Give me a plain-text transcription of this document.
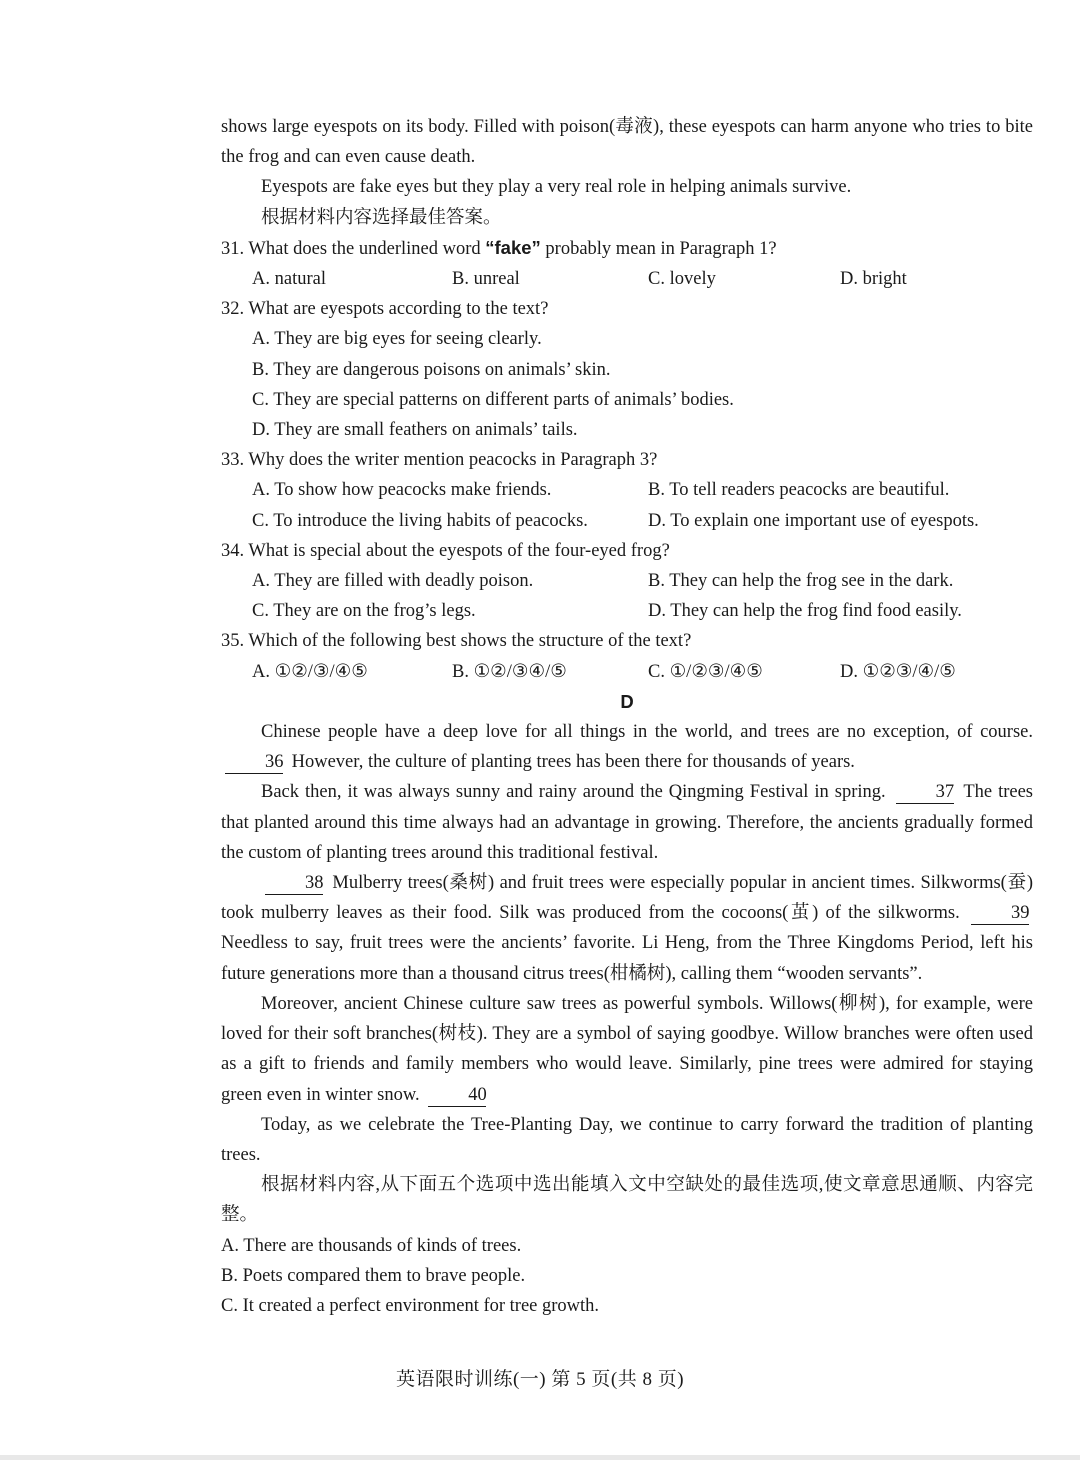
shows large eyespots on its body. Filled with poison(毒液), these eyespots can harm anyone who tries to bite the frog and can even cause death.

Eyespots are fake eyes but they play a very real role in helping animals survive.

根据材料内容选择最佳答案。

31. What does the underlined word “fake” probably mean in Paragraph 1?

A. natural	B. unreal	C. lovely	D. bright

32. What are eyespots according to the text?

A. They are big eyes for seeing clearly.
B. They are dangerous poisons on animals’ skin.
C. They are special patterns on different parts of animals’ bodies.
D. They are small feathers on animals’ tails.

33. Why does the writer mention peacocks in Paragraph 3?

A. To show how peacocks make friends.	B. To tell readers peacocks are beautiful.
C. To introduce the living habits of peacocks.	D. To explain one important use of eyespots.

34. What is special about the eyespots of the four-eyed frog?

A. They are filled with deadly poison.	B. They can help the frog see in the dark.
C. They are on the frog’s legs.	D. They can help the frog find food easily.

35. Which of the following best shows the structure of the text?

A. ①②/③/④⑤	B. ①②/③④/⑤	C. ①/②③/④⑤	D. ①②③/④/⑤

D

Chinese people have a deep love for all things in the world, and trees are no exception, of course. 36 However, the culture of planting trees has been there for thousands of years.

Back then, it was always sunny and rainy around the Qingming Festival in spring.	37 The trees that planted around this time always had an advantage in growing. Therefore, the ancients gradually formed the custom of planting trees around this traditional festival.

38 Mulberry trees(桑树) and fruit trees were especially popular in ancient times. Silkworms(蚕) took mulberry leaves as their food. Silk was produced from the cocoons(茧) of the silkworms.	39 Needless to say, fruit trees were the ancients’ favorite. Li Heng, from the Three Kingdoms Period, left his future generations more than a thousand citrus trees(柑橘树), calling them “wooden servants”.

Moreover, ancient Chinese culture saw trees as powerful symbols. Willows(柳树), for example, were loved for their soft branches(树枝). They are a symbol of saying goodbye. Willow branches were often used as a gift to friends and family members who would leave. Similarly, pine trees were admired for staying green even in winter snow.	40

Today, as we celebrate the Tree-Planting Day, we continue to carry forward the tradition of planting trees.

根据材料内容,从下面五个选项中选出能填入文中空缺处的最佳选项,使文章意思通顺、内容完整。

A. There are thousands of kinds of trees.

B. Poets compared them to brave people.

C. It created a perfect environment for tree growth.

英语限时训练(一) 第 5 页(共 8 页)
